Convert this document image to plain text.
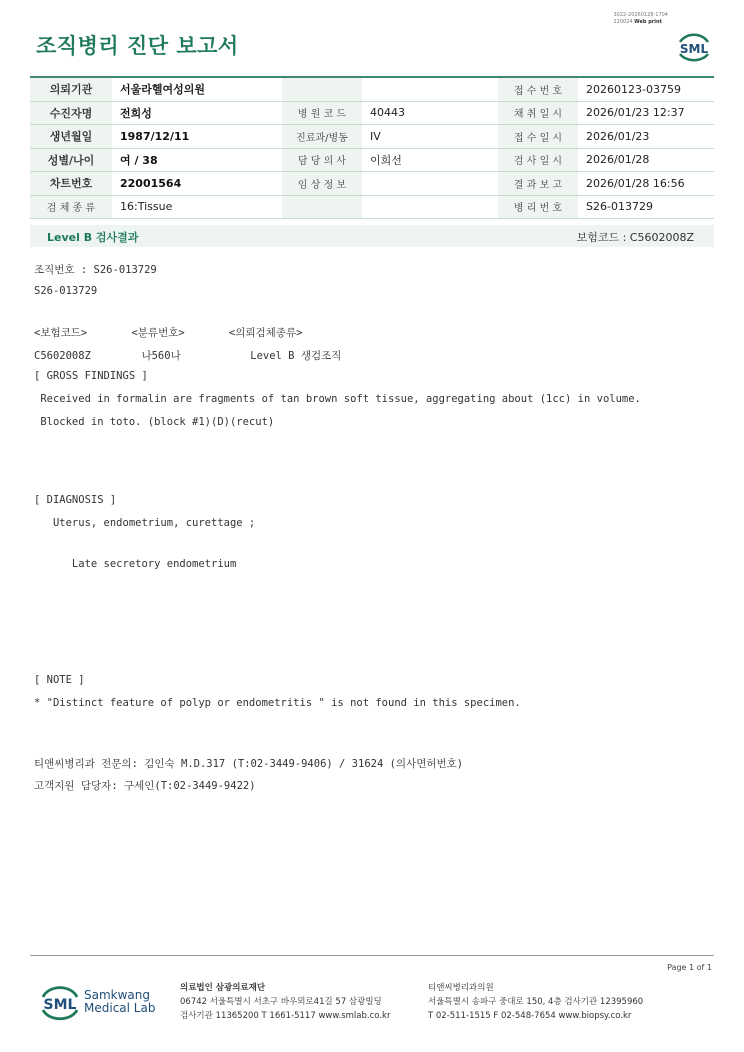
조직병리 진단 보고서
3022-20260128-1704
220024 Web print
SML
의뢰기관	서울라헬여성의원			접 수 번 호	20260123-03759
수진자명	전희성	병 원 코 드	40443	채 취 일 시	2026/01/23 12:37
생년월일	1987/12/11	진료과/병동	IV	접 수 일 시	2026/01/23
성별/나이	여 / 38	담 당 의 사	이희선	검 사 일 시	2026/01/28
차트번호	22001564	임 상 정 보		결 과 보 고	2026/01/28 16:56
검 체 종 류	16:Tissue			병 리 번 호	S26-013729
Level B 검사결과	보험코드 : C5602008Z
조직번호 : S26-013729
S26-013729
<보험코드>       <분류번호>       <의뢰검체종류>
C5602008Z        나560나           Level B 생검조직
[ GROSS FINDINGS ]
Received in formalin are fragments of tan brown soft tissue, aggregating about (1cc) in volume.
Blocked in toto. (block #1)(D)(recut)
[ DIAGNOSIS ]
Uterus, endometrium, curettage ;
Late secretory endometrium
[ NOTE ]
* "Distinct feature of polyp or endometritis " is not found in this specimen.
티앤씨병리과 전문의: 김인숙 M.D.317 (T:02-3449-9406) / 31624 (의사면허번호)
고객지원 담당자: 구세인(T:02-3449-9422)
Page 1 of 1
SML
Samkwang
Medical Lab
의료법인 삼광의료재단
06742 서울특별시 서초구 바우뫼로41길 57 삼광빌딩
검사기관 11365200 T 1661-5117 www.smlab.co.kr
티앤씨병리과의원
서울특별시 송파구 중대로 150, 4층 검사기관 12395960
T 02-511-1515 F 02-548-7654 www.biopsy.co.kr
